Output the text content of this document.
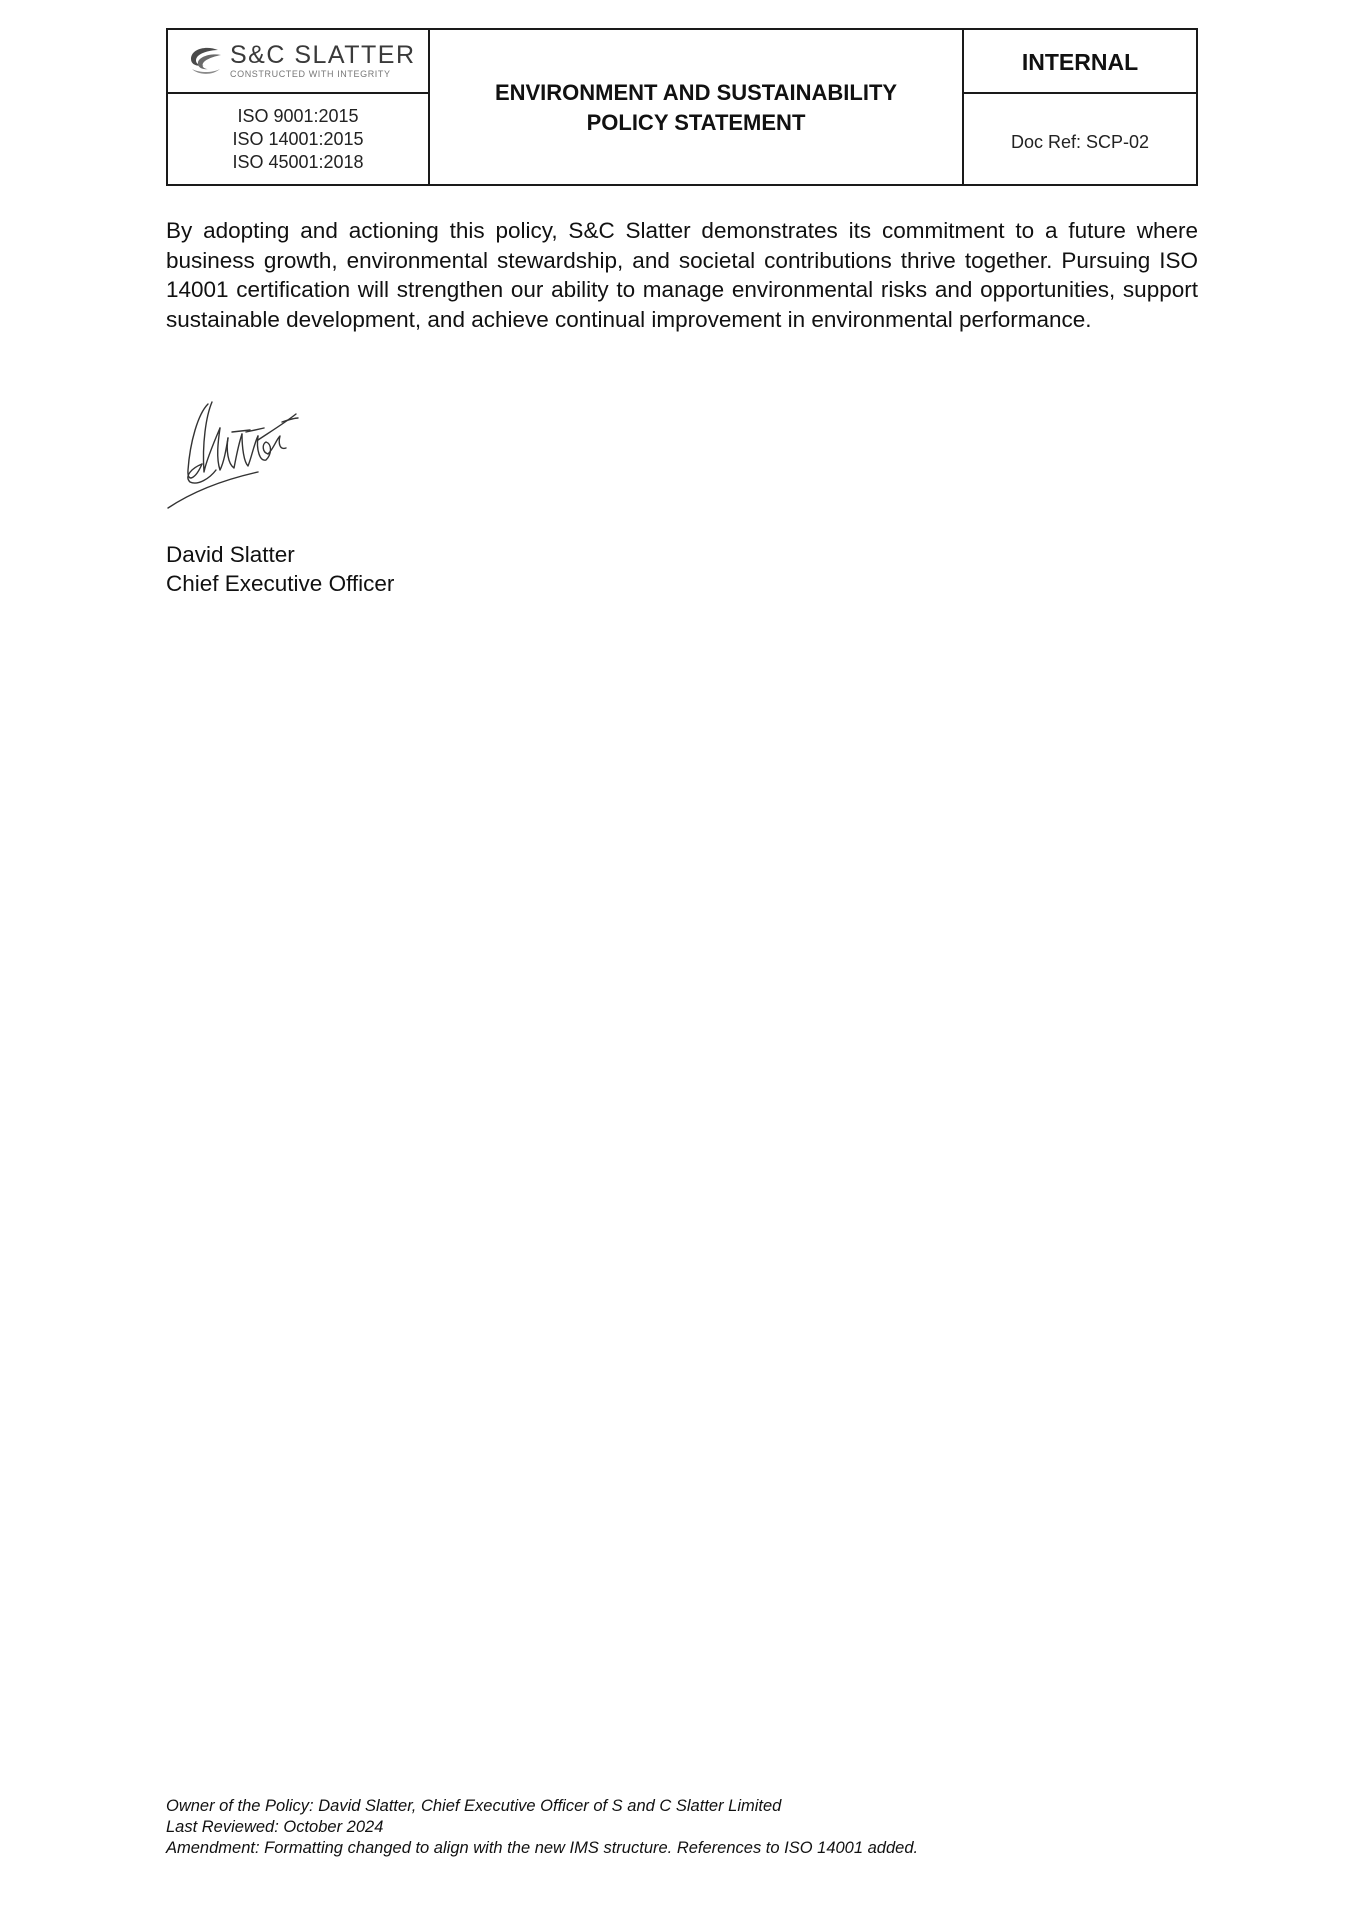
S&C SLATTER
CONSTRUCTED WITH INTEGRITY
ISO 9001:2015
ISO 14001:2015
ISO 45001:2018
ENVIRONMENT AND SUSTAINABILITY
POLICY STATEMENT
INTERNAL
Doc Ref: SCP-02

By adopting and actioning this policy, S&C Slatter demonstrates its commitment to a future where business growth, environmental stewardship, and societal contributions thrive together. Pursuing ISO 14001 certification will strengthen our ability to manage environmental risks and opportunities, support sustainable development, and achieve continual improvement in environmental performance.

David Slatter
Chief Executive Officer
Owner of the Policy: David Slatter, Chief Executive Officer of S and C Slatter Limited
Last Reviewed: October 2024
Amendment: Formatting changed to align with the new IMS structure. References to ISO 14001 added.
